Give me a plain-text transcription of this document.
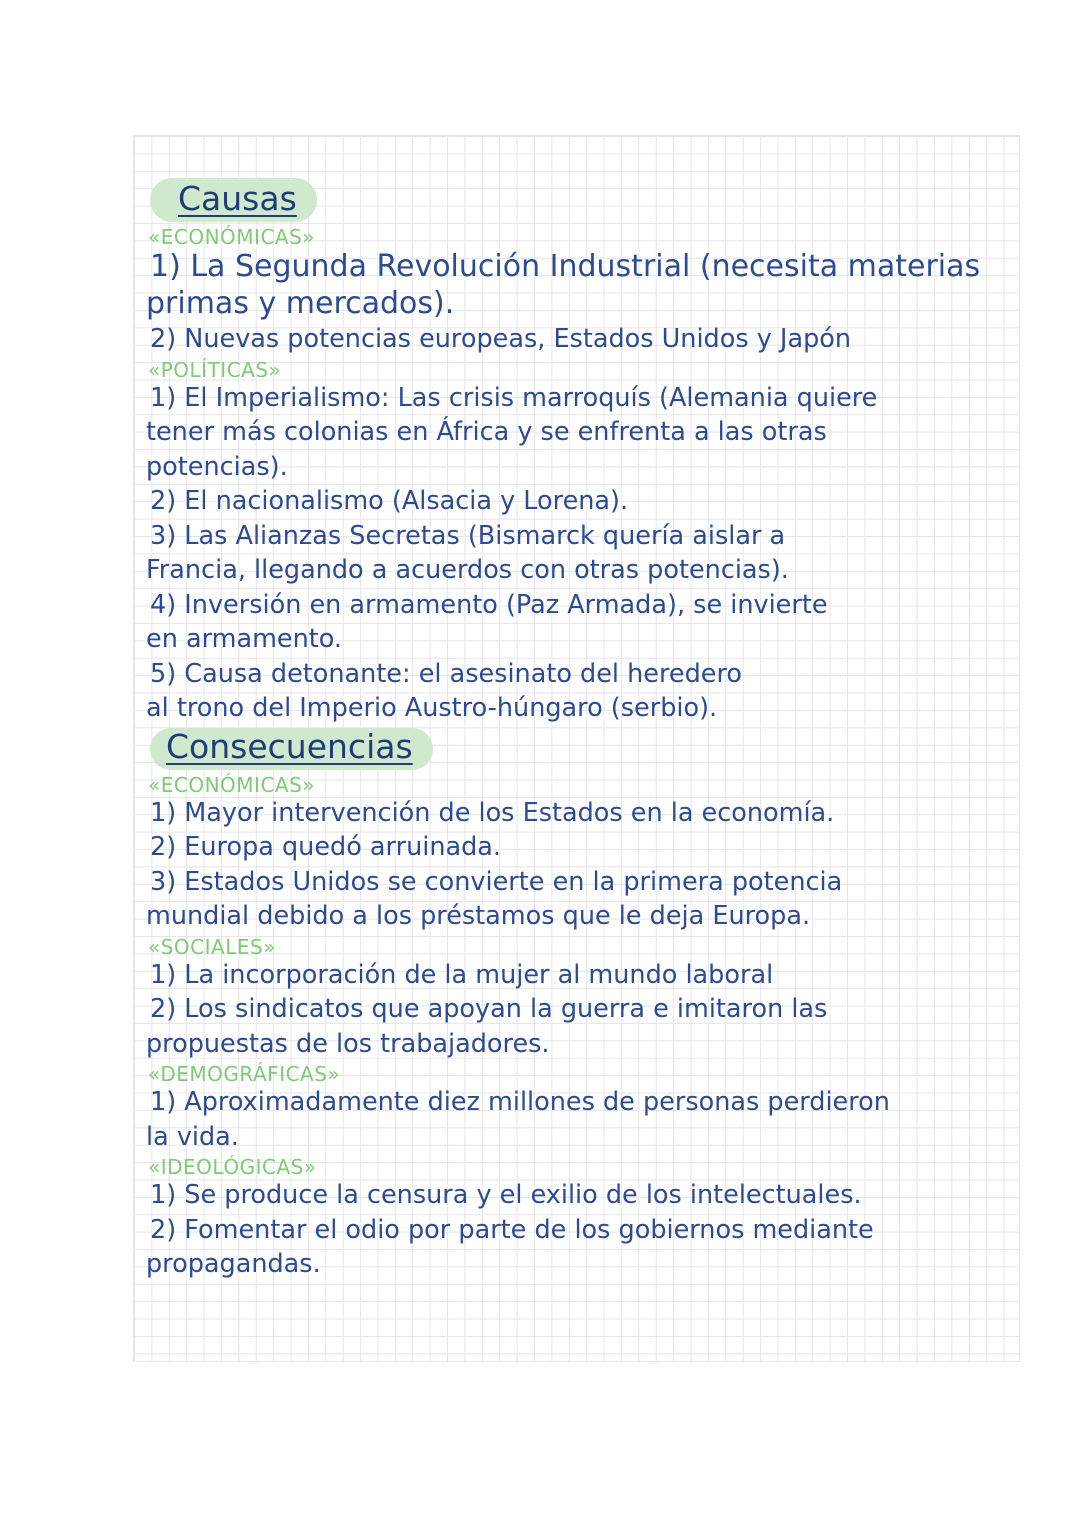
Causas
«ECONÓMICAS»
1) La Segunda Revolución Industrial (necesita materias
primas y mercados).
2) Nuevas potencias europeas, Estados Unidos y Japón
«POLÍTICAS»
1) El Imperialismo: Las crisis marroquís (Alemania quiere
tener más colonias en África y se enfrenta a las otras
potencias).
2) El nacionalismo (Alsacia y Lorena).
3) Las Alianzas Secretas (Bismarck quería aislar a
Francia, llegando a acuerdos con otras potencias).
4) Inversión en armamento (Paz Armada), se invierte
en armamento.
5) Causa detonante: el asesinato del heredero
al trono del Imperio Austro-húngaro (serbio).
Consecuencias
«ECONÓMICAS»
1) Mayor intervención de los Estados en la economía.
2) Europa quedó arruinada.
3) Estados Unidos se convierte en la primera potencia
mundial debido a los préstamos que le deja Europa.
«SOCIALES»
1) La incorporación de la mujer al mundo laboral
2) Los sindicatos que apoyan la guerra e imitaron las
propuestas de los trabajadores.
«DEMOGRÁFICAS»
1) Aproximadamente diez millones de personas perdieron
la vida.
«IDEOLÓGICAS»
1) Se produce la censura y el exilio de los intelectuales.
2) Fomentar el odio por parte de los gobiernos mediante
propagandas.
